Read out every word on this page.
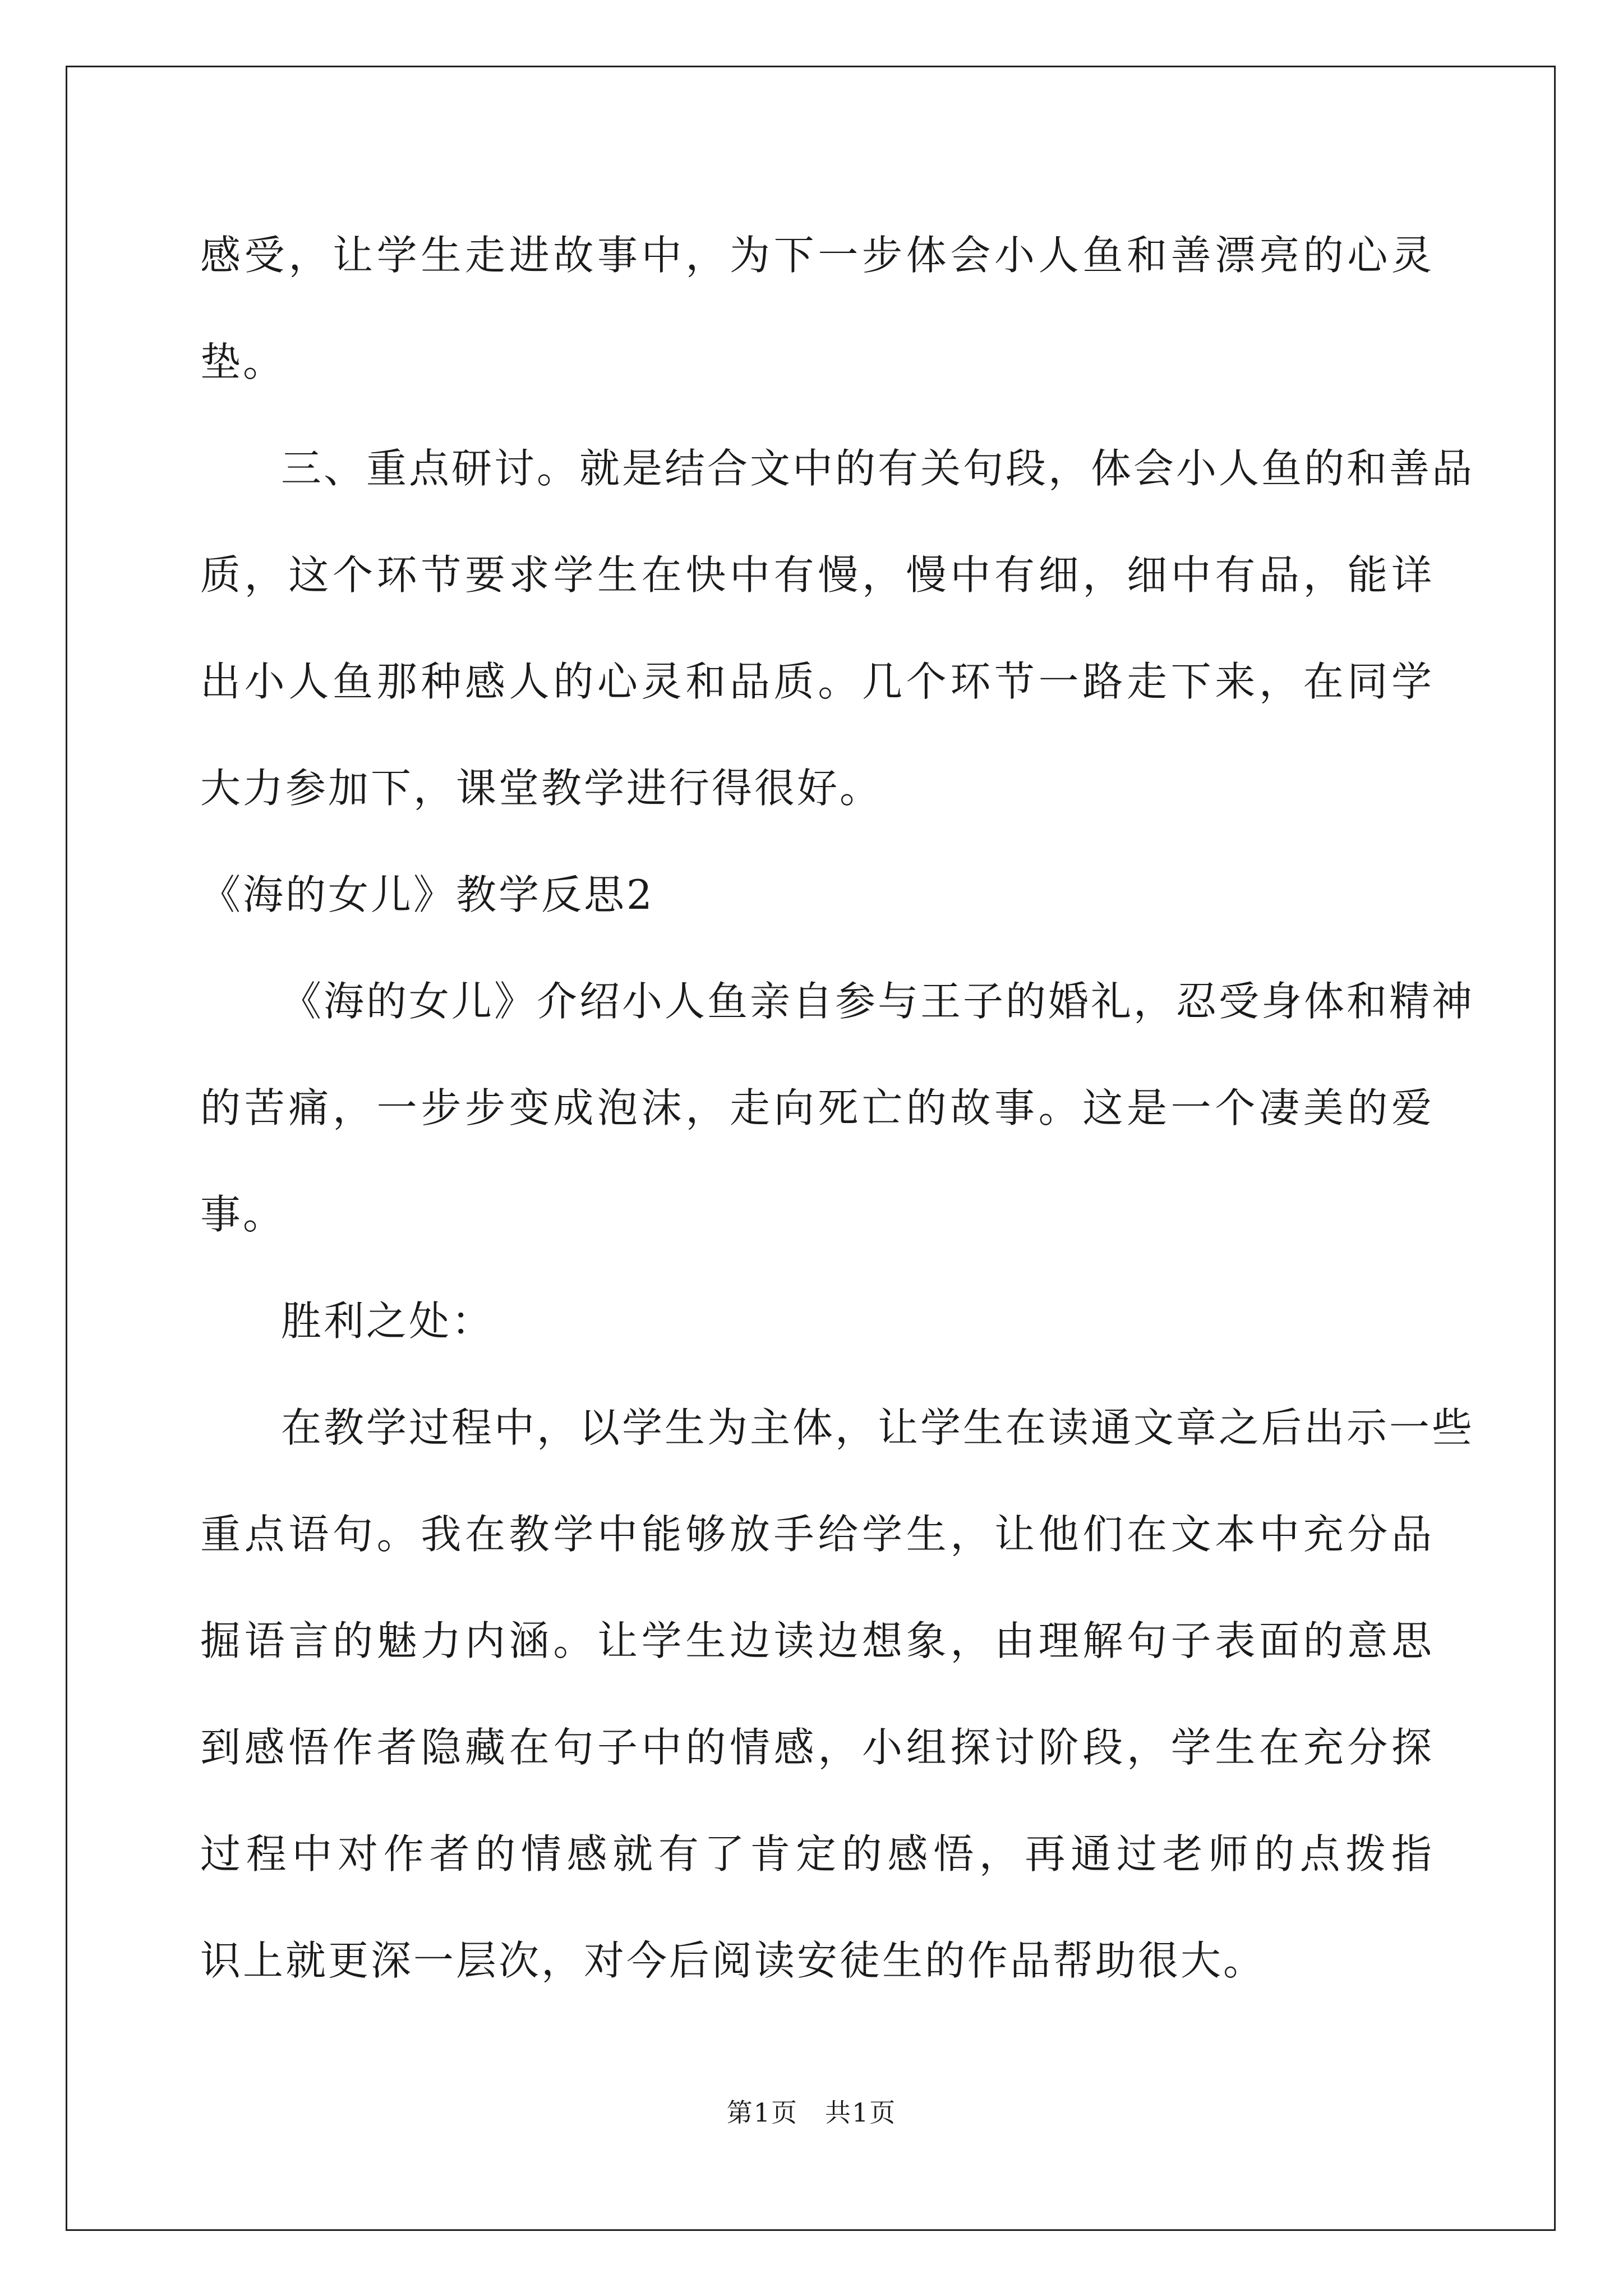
感受，让学生走进故事中，为下一步体会小人鱼和善漂亮的心灵
垫。
三、重点研讨。就是结合文中的有关句段，体会小人鱼的和善品
质，这个环节要求学生在快中有慢，慢中有细，细中有品，能详
出小人鱼那种感人的心灵和品质。几个环节一路走下来，在同学
大力参加下，课堂教学进行得很好。
《海的女儿》教学反思2
《海的女儿》介绍小人鱼亲自参与王子的婚礼，忍受身体和精神
的苦痛，一步步变成泡沫，走向死亡的故事。这是一个凄美的爱
事。
胜利之处：
在教学过程中，以学生为主体，让学生在读通文章之后出示一些
重点语句。我在教学中能够放手给学生，让他们在文本中充分品
掘语言的魅力内涵。让学生边读边想象，由理解句子表面的意思
到感悟作者隐藏在句子中的情感，小组探讨阶段，学生在充分探
过程中对作者的情感就有了肯定的感悟，再通过老师的点拨指
识上就更深一层次，对今后阅读安徒生的作品帮助很大。
第1页 共1页
